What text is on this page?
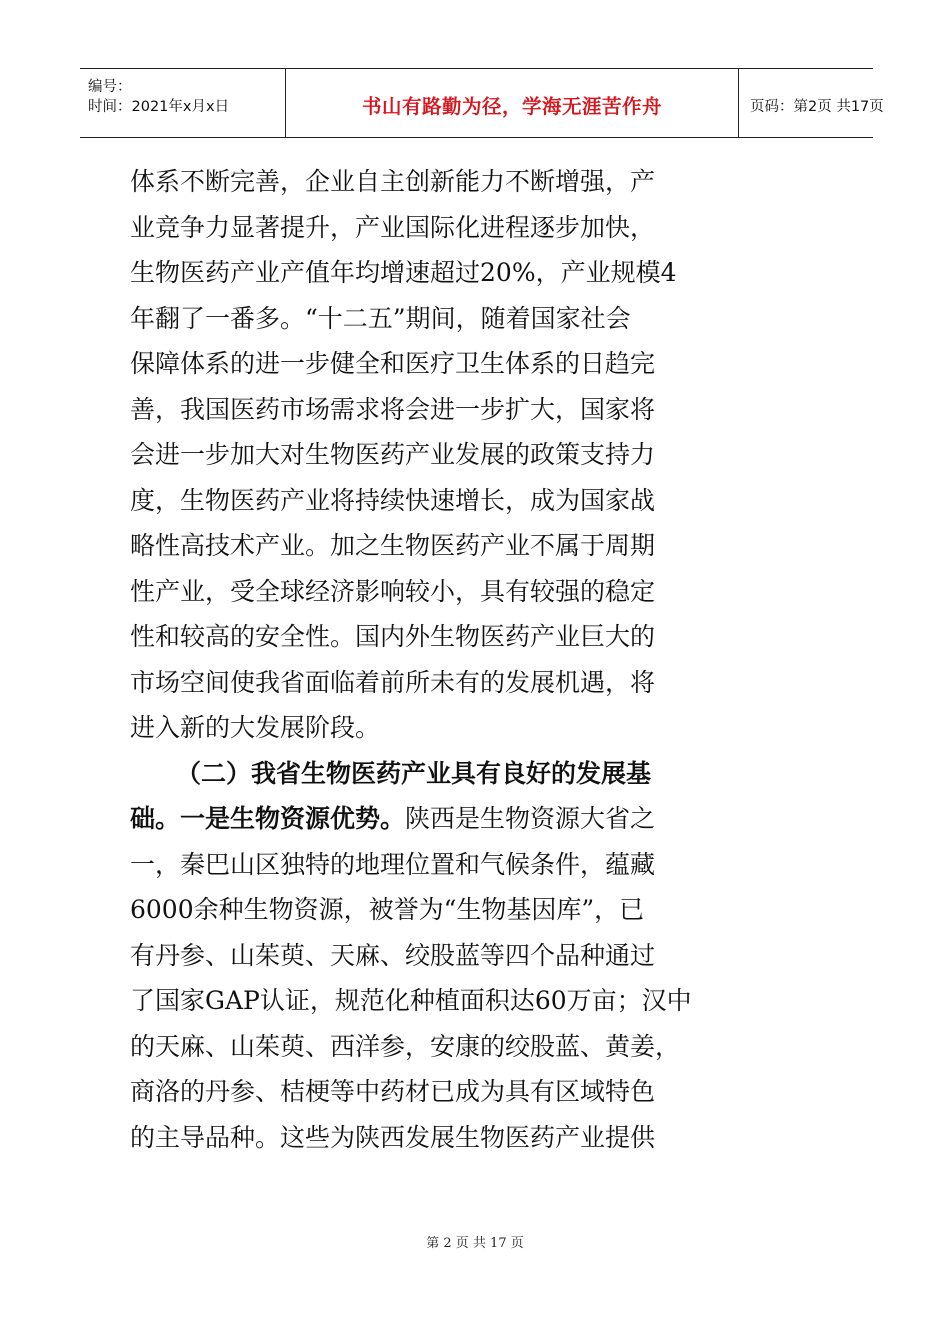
编号：
时间：2021年x月x日	书山有路勤为径，学海无涯苦作舟	页码：第2页 共17页
体系不断完善，企业自主创新能力不断增强，产
业竞争力显著提升，产业国际化进程逐步加快，
生物医药产业产值年均增速超过20%，产业规模4
年翻了一番多。“十二五”期间，随着国家社会
保障体系的进一步健全和医疗卫生体系的日趋完
善，我国医药市场需求将会进一步扩大，国家将
会进一步加大对生物医药产业发展的政策支持力
度，生物医药产业将持续快速增长，成为国家战
略性高技术产业。加之生物医药产业不属于周期
性产业，受全球经济影响较小，具有较强的稳定
性和较高的安全性。国内外生物医药产业巨大的
市场空间使我省面临着前所未有的发展机遇，将
进入新的大发展阶段。
（二）我省生物医药产业具有良好的发展基
础。一是生物资源优势。陕西是生物资源大省之
一，秦巴山区独特的地理位置和气候条件，蕴藏
6000余种生物资源，被誉为“生物基因库”，已
有丹参、山茱萸、天麻、绞股蓝等四个品种通过
了国家GAP认证，规范化种植面积达60万亩；汉中
的天麻、山茱萸、西洋参，安康的绞股蓝、黄姜，
商洛的丹参、桔梗等中药材已成为具有区域特色
的主导品种。这些为陕西发展生物医药产业提供
第 2 页 共 17 页
